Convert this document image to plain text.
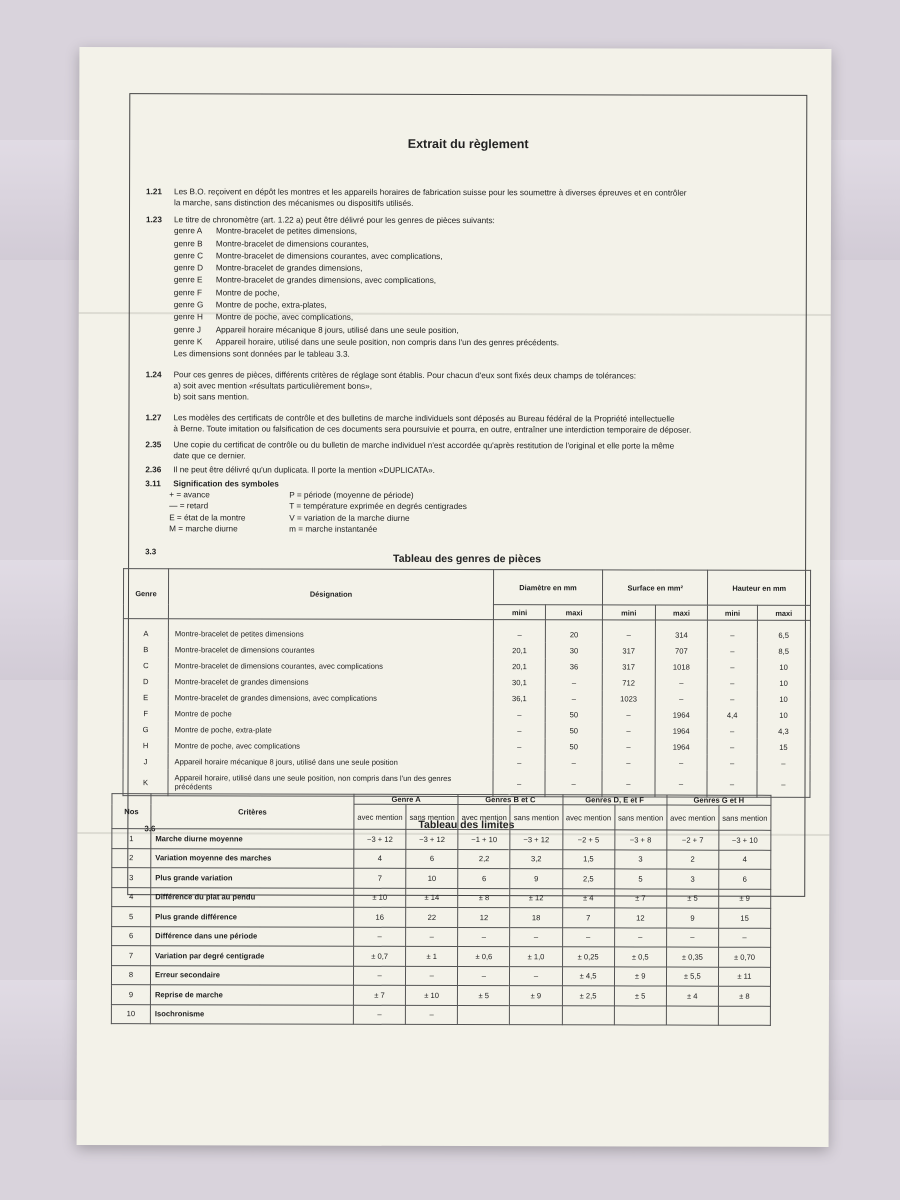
Extrait du règlement
1.21 Les B.O. reçoivent en dépôt les montres et les appareils horaires de fabrication suisse pour les soumettre à diverses épreuves et en contrôler
la marche, sans distinction des mécanismes ou dispositifs utilisés.
1.23 Le titre de chronomètre (art. 1.22 a) peut être délivré pour les genres de pièces suivants:
genre A Montre-bracelet de petites dimensions,
genre B Montre-bracelet de dimensions courantes,
genre C Montre-bracelet de dimensions courantes, avec complications,
genre D Montre-bracelet de grandes dimensions,
genre E Montre-bracelet de grandes dimensions, avec complications,
genre F Montre de poche,
genre G Montre de poche, extra-plates,
genre H Montre de poche, avec complications,
genre J Appareil horaire mécanique 8 jours, utilisé dans une seule position,
genre K Appareil horaire, utilisé dans une seule position, non compris dans l'un des genres précédents.
Les dimensions sont données par le tableau 3.3.
1.24 Pour ces genres de pièces, différents critères de réglage sont établis. Pour chacun d'eux sont fixés deux champs de tolérances:
a) soit avec mention «résultats particulièrement bons»,
b) soit sans mention.
1.27 Les modèles des certificats de contrôle et des bulletins de marche individuels sont déposés au Bureau fédéral de la Propriété intellectuelle
à Berne. Toute imitation ou falsification de ces documents sera poursuivie et pourra, en outre, entraîner une interdiction temporaire de déposer.
2.35 Une copie du certificat de contrôle ou du bulletin de marche individuel n'est accordée qu'après restitution de l'original et elle porte la même
date que ce dernier.
2.36 Il ne peut être délivré qu'un duplicata. Il porte la mention «DUPLICATA».
3.11 Signification des symboles
+ = avance	P = période (moyenne de période)
— = retard	T = température exprimée en degrés centigrades
E = état de la montre	V = variation de la marche diurne
M = marche diurne	m = marche instantanée
3.3
Tableau des genres de pièces
Genre	Désignation	Diamètre en mm		Surface en mm²		Hauteur en mm	
		mini	maxi	mini	maxi	mini	maxi
A	Montre-bracelet de petites dimensions	–	20	–	314	–	6,5
B	Montre-bracelet de dimensions courantes	20,1	30	317	707	–	8,5
C	Montre-bracelet de dimensions courantes, avec complications	20,1	36	317	1018	–	10
D	Montre-bracelet de grandes dimensions	30,1	–	712	–	–	10
E	Montre-bracelet de grandes dimensions, avec complications	36,1	–	1023	–	–	10
F	Montre de poche	–	50	–	1964	4,4	10
G	Montre de poche, extra-plate	–	50	–	1964	–	4,3
H	Montre de poche, avec complications	–	50	–	1964	–	15
J	Appareil horaire mécanique 8 jours, utilisé dans une seule position	–	–	–	–	–	–
K	Appareil horaire, utilisé dans une seule position, non compris dans l'un des genres précédents	–	–	–	–	–	–
3.6	Tableau des limites
Nos	Critères	Genre A		Genres B et C		Genres D, E et F		Genres G et H	
		avec mention	sans mention	avec mention	sans mention	avec mention	sans mention	avec mention	sans mention
1	Marche diurne moyenne	−3 + 12	−3 + 12	−1 + 10	−3 + 12	−2 + 5	−3 + 8	−2 + 7	−3 + 10
2	Variation moyenne des marches	4	6	2,2	3,2	1,5	3	2	4
3	Plus grande variation	7	10	6	9	2,5	5	3	6
4	Différence du plat au pendu	± 10	± 14	± 8	± 12	± 4	± 7	± 5	± 9
5	Plus grande différence	16	22	12	18	7	12	9	15
6	Différence dans une période	–	–	–	–	–	–	–	–
7	Variation par degré centigrade	± 0,7	± 1	± 0,6	± 1,0	± 0,25	± 0,5	± 0,35	± 0,70
8	Erreur secondaire	–	–	–	–	± 4,5	± 9	± 5,5	± 11
9	Reprise de marche	± 7	± 10	± 5	± 9	± 2,5	± 5	± 4	± 8
10	Isochronisme	–	–						
